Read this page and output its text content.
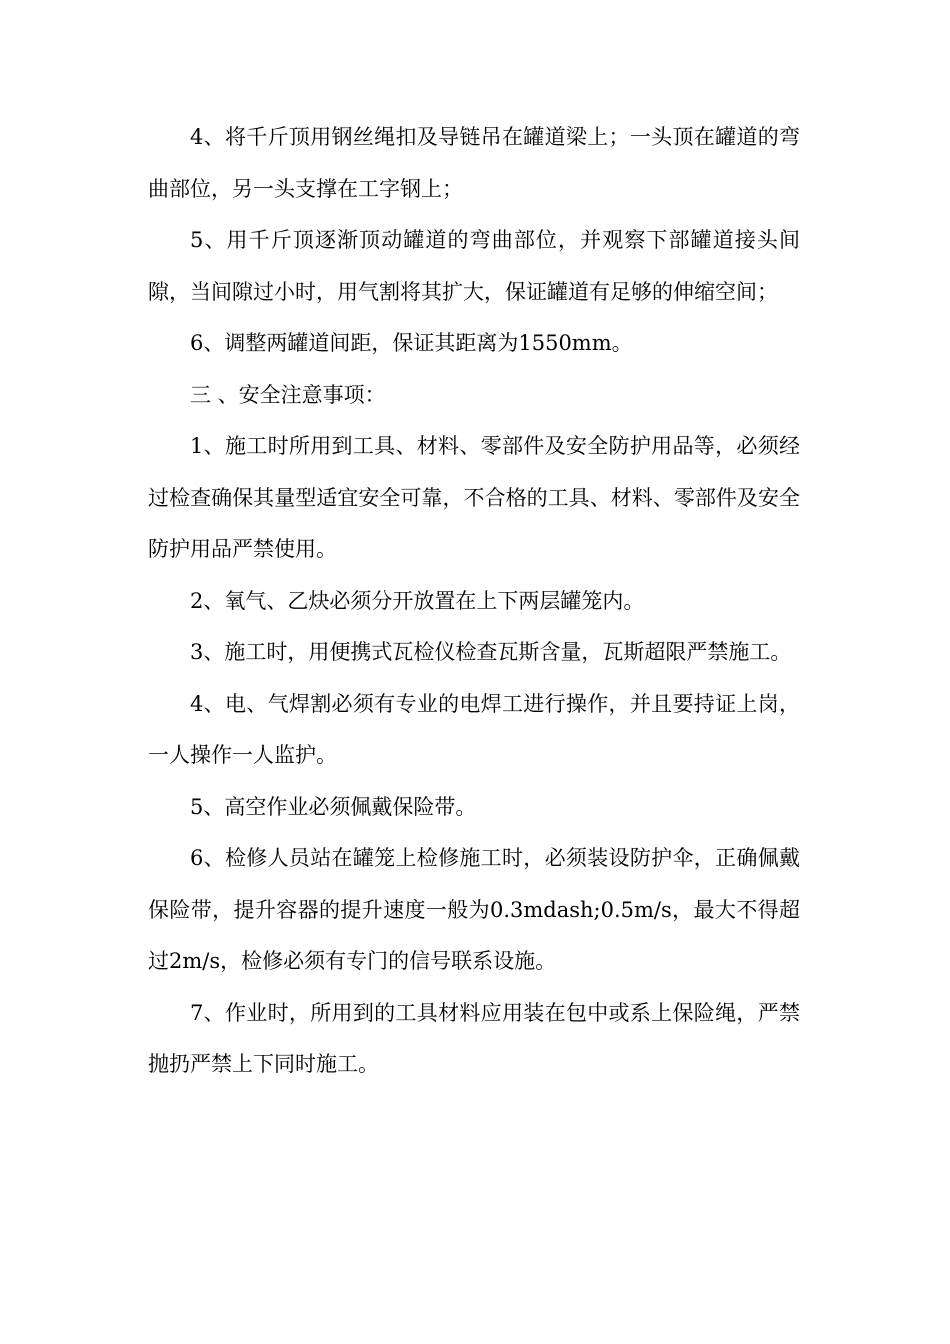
4、将千斤顶用钢丝绳扣及导链吊在罐道梁上；一头顶在罐道的弯曲部位，另一头支撑在工字钢上；

5、用千斤顶逐渐顶动罐道的弯曲部位，并观察下部罐道接头间隙，当间隙过小时，用气割将其扩大，保证罐道有足够的伸缩空间；

6、调整两罐道间距，保证其距离为1550mm。

三 、安全注意事项：

1、施工时所用到工具、材料、零部件及安全防护用品等，必须经过检查确保其量型适宜安全可靠，不合格的工具、材料、零部件及安全防护用品严禁使用。

2、氧气、乙炔必须分开放置在上下两层罐笼内。

3、施工时，用便携式瓦检仪检查瓦斯含量，瓦斯超限严禁施工。

4、电、气焊割必须有专业的电焊工进行操作，并且要持证上岗，一人操作一人监护。

5、高空作业必须佩戴保险带。

6、检修人员站在罐笼上检修施工时，必须装设防护伞，正确佩戴保险带，提升容器的提升速度一般为0.3mdash;0.5m/s，最大不得超过2m/s，检修必须有专门的信号联系设施。

7、作业时，所用到的工具材料应用装在包中或系上保险绳，严禁抛扔严禁上下同时施工。
